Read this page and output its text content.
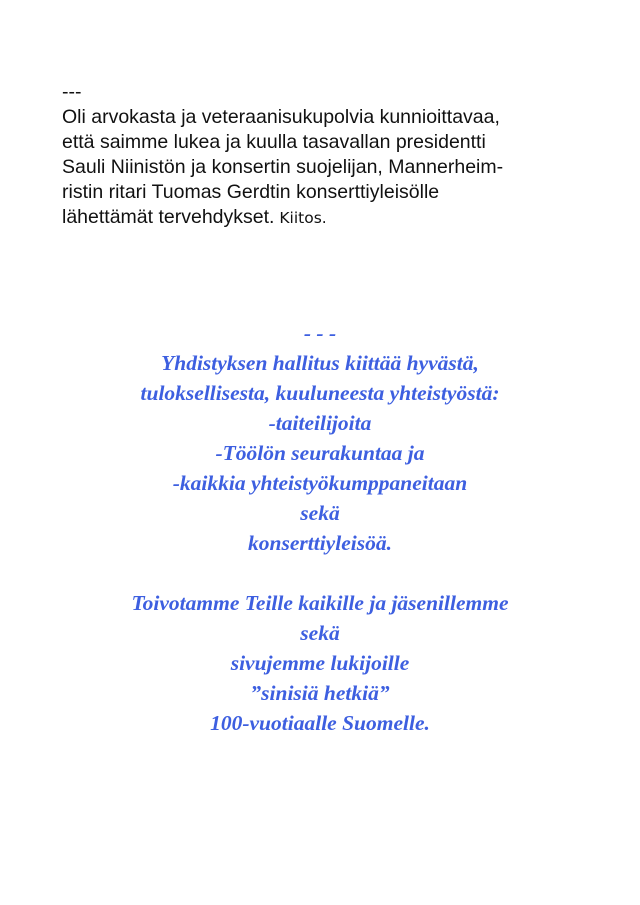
---
Oli arvokasta ja veteraanisukupolvia kunnioittavaa,
että saimme lukea ja kuulla tasavallan presidentti
Sauli Niinistön ja konsertin suojelijan, Mannerheim-
ristin ritari Tuomas Gerdtin konserttiyleisölle
lähettämät tervehdykset. Kiitos.
- - -
Yhdistyksen hallitus kiittää hyvästä,
tuloksellisesta, kuuluneesta yhteistyöstä:
-taiteilijoita
-Töölön seurakuntaa ja
-kaikkia yhteistyökumppaneitaan
sekä
konserttiyleisöä.
Toivotamme Teille kaikille ja jäsenillemme
sekä
sivujemme lukijoille
”sinisiä hetkiä”
100-vuotiaalle Suomelle.
